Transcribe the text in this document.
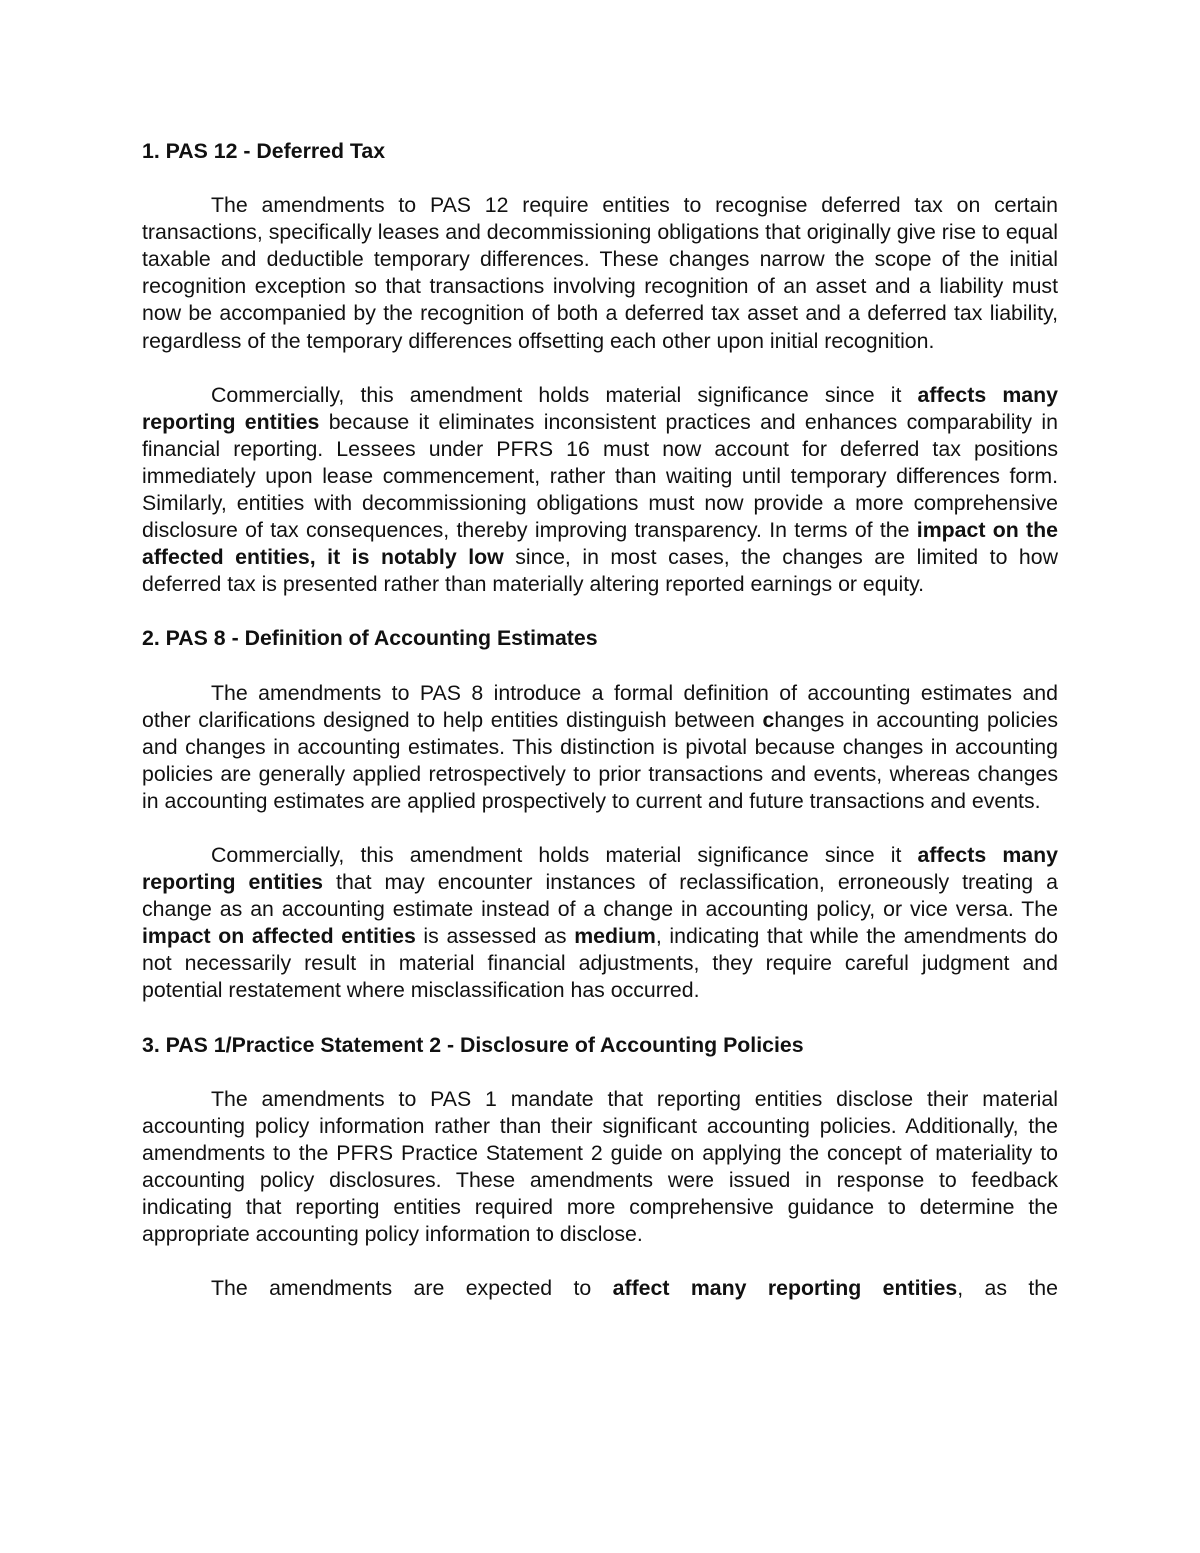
1. PAS 12 - Deferred Tax

The amendments to PAS 12 require entities to recognise deferred tax on certain transactions, specifically leases and decommissioning obligations that originally give rise to equal taxable and deductible temporary differences. These changes narrow the scope of the initial recognition exception so that transactions involving recognition of an asset and a liability must now be accompanied by the recognition of both a deferred tax asset and a deferred tax liability, regardless of the temporary differences offsetting each other upon initial recognition.

Commercially, this amendment holds material significance since it affects many reporting entities because it eliminates inconsistent practices and enhances comparability in financial reporting. Lessees under PFRS 16 must now account for deferred tax positions immediately upon lease commencement, rather than waiting until temporary differences form. Similarly, entities with decommissioning obligations must now provide a more comprehensive disclosure of tax consequences, thereby improving transparency. In terms of the impact on the affected entities, it is notably low since, in most cases, the changes are limited to how deferred tax is presented rather than materially altering reported earnings or equity.

2. PAS 8 - Definition of Accounting Estimates

The amendments to PAS 8 introduce a formal definition of accounting estimates and other clarifications designed to help entities distinguish between changes in accounting policies and changes in accounting estimates. This distinction is pivotal because changes in accounting policies are generally applied retrospectively to prior transactions and events, whereas changes in accounting estimates are applied prospectively to current and future transactions and events.

Commercially, this amendment holds material significance since it affects many reporting entities that may encounter instances of reclassification, erroneously treating a change as an accounting estimate instead of a change in accounting policy, or vice versa. The impact on affected entities is assessed as medium, indicating that while the amendments do not necessarily result in material financial adjustments, they require careful judgment and potential restatement where misclassification has occurred.

3. PAS 1/Practice Statement 2 - Disclosure of Accounting Policies

The amendments to PAS 1 mandate that reporting entities disclose their material accounting policy information rather than their significant accounting policies. Additionally, the amendments to the PFRS Practice Statement 2 guide on applying the concept of materiality to accounting policy disclosures. These amendments were issued in response to feedback indicating that reporting entities required more comprehensive guidance to determine the appropriate accounting policy information to disclose.

The amendments are expected to affect many reporting entities, as the
